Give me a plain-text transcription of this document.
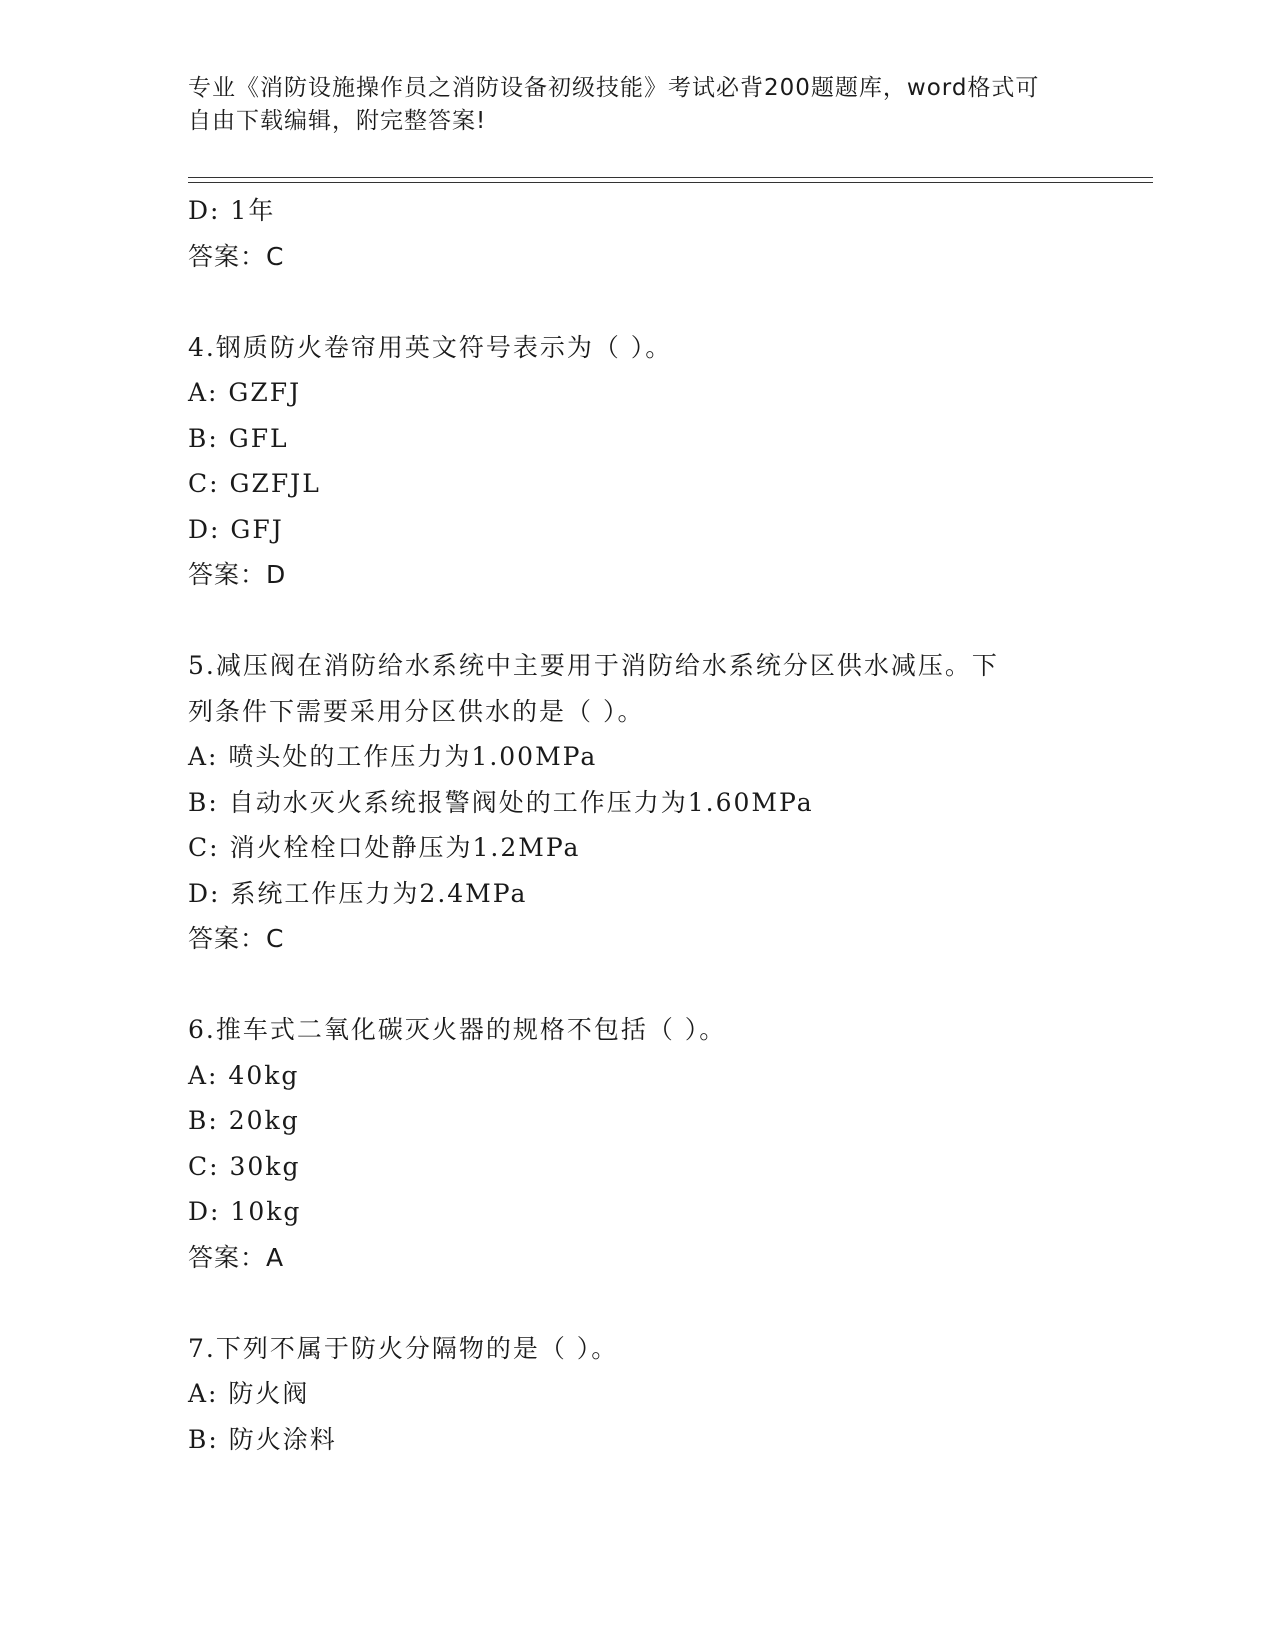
专业《消防设施操作员之消防设备初级技能》考试必背200题题库，word格式可
自由下载编辑，附完整答案!
D: 1年
答案：C
4.钢质防火卷帘用英文符号表示为（ ）。
A: GZFJ
B: GFL
C: GZFJL
D: GFJ
答案：D
5.减压阀在消防给水系统中主要用于消防给水系统分区供水减压。下
列条件下需要采用分区供水的是（ ）。
A: 喷头处的工作压力为1.00MPa
B: 自动水灭火系统报警阀处的工作压力为1.60MPa
C: 消火栓栓口处静压为1.2MPa
D: 系统工作压力为2.4MPa
答案：C
6.推车式二氧化碳灭火器的规格不包括（ ）。
A: 40kg
B: 20kg
C: 30kg
D: 10kg
答案：A
7.下列不属于防火分隔物的是（ ）。
A: 防火阀
B: 防火涂料
